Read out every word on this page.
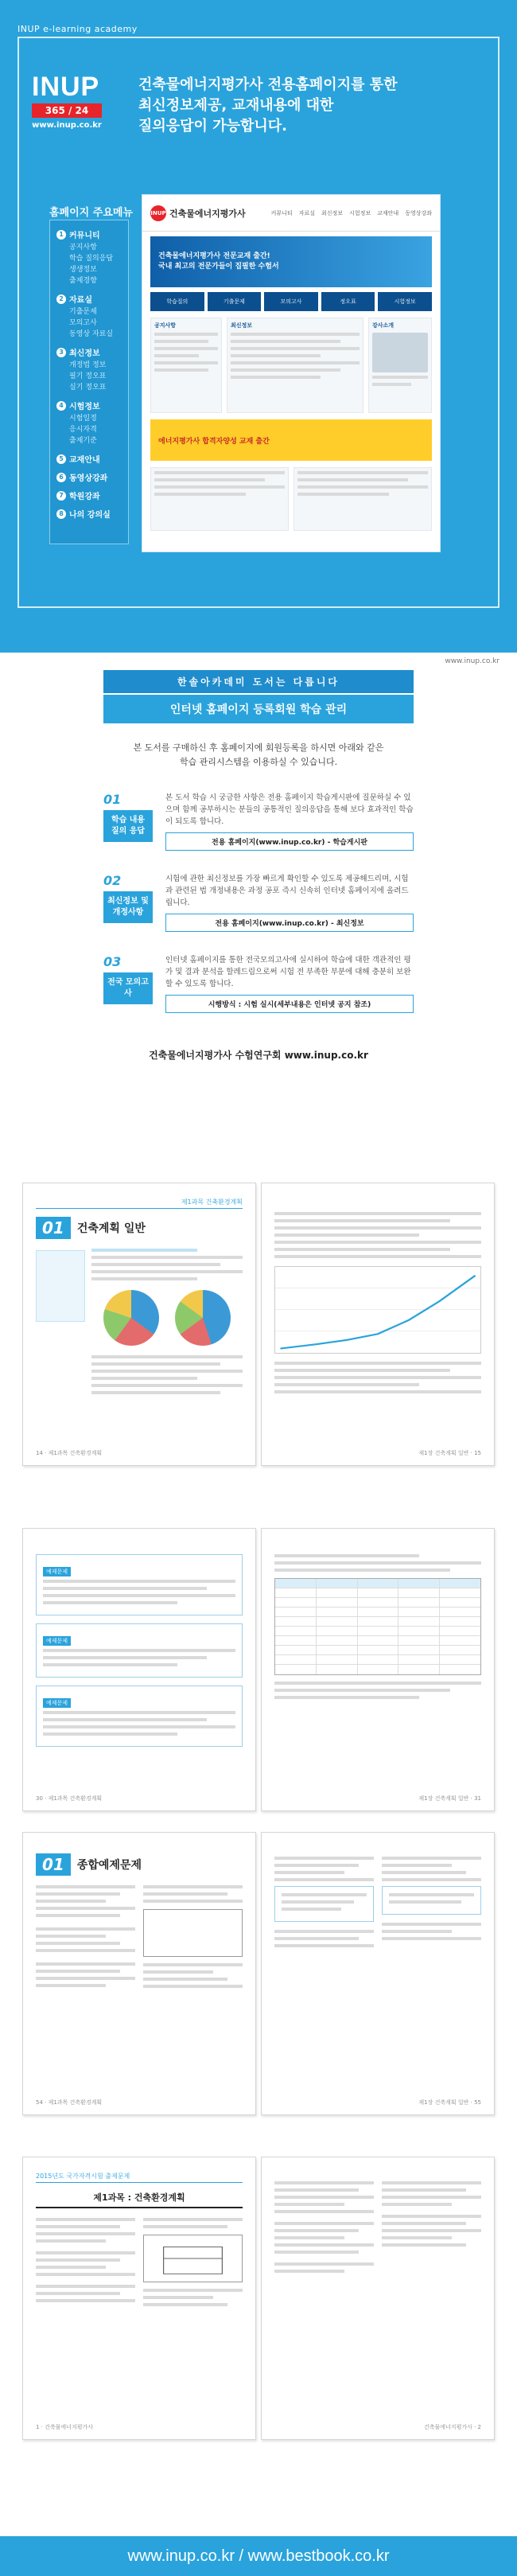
INUP e-learning academy
INUP
365 / 24
www.inup.co.kr
건축물에너지평가사 전용홈페이지를 통한
최신정보제공, 교재내용에 대한
질의응답이 가능합니다.
홈페이지 주요메뉴
1 커뮤니티
공지사항
학습 질의응답
생생정보
출제경향
2 자료실
기출문제
모의고사
동영상 자료실
3 최신정보
개정법 정보
필기 정오표
실기 정오표
4 시험정보
시험일정
응시자격
출제기준
5 교재안내
6 동영상강좌
7 학원강좌
8 나의 강의실
INUP 건축물에너지평가사	커뮤니티 자료실 최신정보 시험정보 교재안내 동영상강좌
건축물에너지평가사 전문교재 출간!
국내 최고의 전문가들이 집필한 수험서
학습질의	기출문제	모의고사	정오표	시험정보
공지사항	최신정보	강사소개
에너지평가사 합격자양성 교재 출간
www.inup.co.kr
한솔아카데미 도서는 다릅니다
인터넷 홈페이지 등록회원 학습 관리
본 도서를 구매하신 후 홈페이지에 회원등록을 하시면 아래와 같은
학습 관리시스템을 이용하실 수 있습니다.
01
학습 내용 질의 응답
본 도서 학습 시 궁금한 사항은 전용 홈페이지 학습게시판에 질문하실 수 있으며 함께 공부하시는 분들의 공통적인 질의응답을 통해 보다 효과적인 학습이 되도록 합니다.
전용 홈페이지(www.inup.co.kr) - 학습게시판
02
최신정보 및 개정사항
시험에 관한 최신정보를 가장 빠르게 확인할 수 있도록 제공해드리며, 시험과 관련된 법 개정내용은 과정 공포 즉시 신속히 인터넷 홈페이지에 올려드립니다.
전용 홈페이지(www.inup.co.kr) - 최신정보
03
전국 모의고사
인터넷 홈페이지를 통한 전국모의고사에 실시하여 학습에 대한 객관적인 평가 및 결과 분석을 할레드림으로써 시험 전 부족한 부분에 대해 충분히 보완할 수 있도록 합니다.
시행방식 : 시험 실시(세부내용은 인터넷 공지 참조)
건축물에너지평가사 수험연구회 www.inup.co.kr
제1과목 건축환경계획
01	건축계획 일반
14 · 제1과목 건축환경계획	제1장 건축계획 일반 · 15
예제문제
예제문제
예제문제
30 · 제1과목 건축환경계획	제1장 건축계획 일반 · 31
01	종합예제문제
54 · 제1과목 건축환경계획	제1장 건축계획 일반 · 55
2015년도 국가자격시험 출제문제
제1과목 : 건축환경계획
1 · 건축물에너지평가사	건축물에너지평가사 · 2
www.inup.co.kr / www.bestbook.co.kr
